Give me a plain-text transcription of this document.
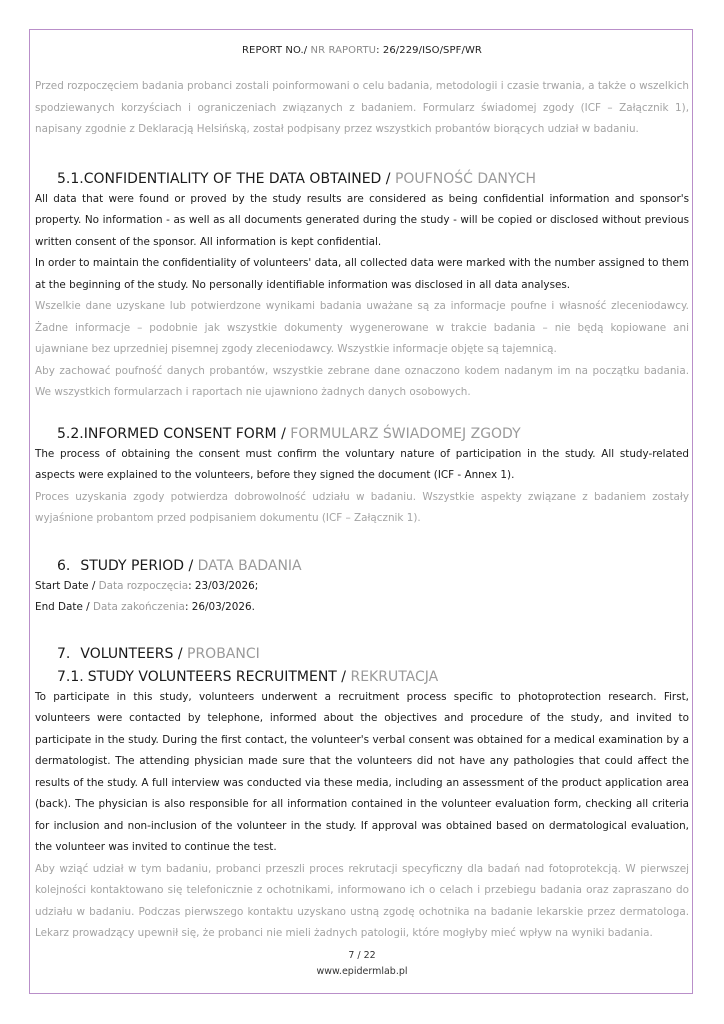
REPORT NO./ NR RAPORTU: 26/229/ISO/SPF/WR

Przed rozpoczęciem badania probanci zostali poinformowani o celu badania, metodologii i czasie trwania, a także o wszelkich spodziewanych korzyściach i ograniczeniach związanych z badaniem. Formularz świadomej zgody (ICF – Załącznik 1), napisany zgodnie z Deklaracją Helsińską, został podpisany przez wszystkich probantów biorących udział w badaniu.

5.1.CONFIDENTIALITY OF THE DATA OBTAINED / POUFNOŚĆ DANYCH

All data that were found or proved by the study results are considered as being confidential information and sponsor's property. No information - as well as all documents generated during the study - will be copied or disclosed without previous written consent of the sponsor. All information is kept confidential.

In order to maintain the confidentiality of volunteers' data, all collected data were marked with the number assigned to them at the beginning of the study. No personally identifiable information was disclosed in all data analyses.

Wszelkie dane uzyskane lub potwierdzone wynikami badania uważane są za informacje poufne i własność zleceniodawcy. Żadne informacje – podobnie jak wszystkie dokumenty wygenerowane w trakcie badania – nie będą kopiowane ani ujawniane bez uprzedniej pisemnej zgody zleceniodawcy. Wszystkie informacje objęte są tajemnicą.

Aby zachować poufność danych probantów, wszystkie zebrane dane oznaczono kodem nadanym im na początku badania. We wszystkich formularzach i raportach nie ujawniono żadnych danych osobowych.

5.2.INFORMED CONSENT FORM / FORMULARZ ŚWIADOMEJ ZGODY

The process of obtaining the consent must confirm the voluntary nature of participation in the study. All study-related aspects were explained to the volunteers, before they signed the document (ICF - Annex 1).

Proces uzyskania zgody potwierdza dobrowolność udziału w badaniu. Wszystkie aspekty związane z badaniem zostały wyjaśnione probantom przed podpisaniem dokumentu (ICF – Załącznik 1).

6. STUDY PERIOD / DATA BADANIA

Start Date / Data rozpoczęcia: 23/03/2026;

End Date / Data zakończenia: 26/03/2026.

7. VOLUNTEERS / PROBANCI
7.1. STUDY VOLUNTEERS RECRUITMENT / REKRUTACJA

To participate in this study, volunteers underwent a recruitment process specific to photoprotection research. First, volunteers were contacted by telephone, informed about the objectives and procedure of the study, and invited to participate in the study. During the first contact, the volunteer's verbal consent was obtained for a medical examination by a dermatologist. The attending physician made sure that the volunteers did not have any pathologies that could affect the results of the study. A full interview was conducted via these media, including an assessment of the product application area (back). The physician is also responsible for all information contained in the volunteer evaluation form, checking all criteria for inclusion and non-inclusion of the volunteer in the study. If approval was obtained based on dermatological evaluation, the volunteer was invited to continue the test.

Aby wziąć udział w tym badaniu, probanci przeszli proces rekrutacji specyficzny dla badań nad fotoprotekcją. W pierwszej kolejności kontaktowano się telefonicznie z ochotnikami, informowano ich o celach i przebiegu badania oraz zapraszano do udziału w badaniu. Podczas pierwszego kontaktu uzyskano ustną zgodę ochotnika na badanie lekarskie przez dermatologa. Lekarz prowadzący upewnił się, że probanci nie mieli żadnych patologii, które mogłyby mieć wpływ na wyniki badania.

7 / 22
www.epidermlab.pl
